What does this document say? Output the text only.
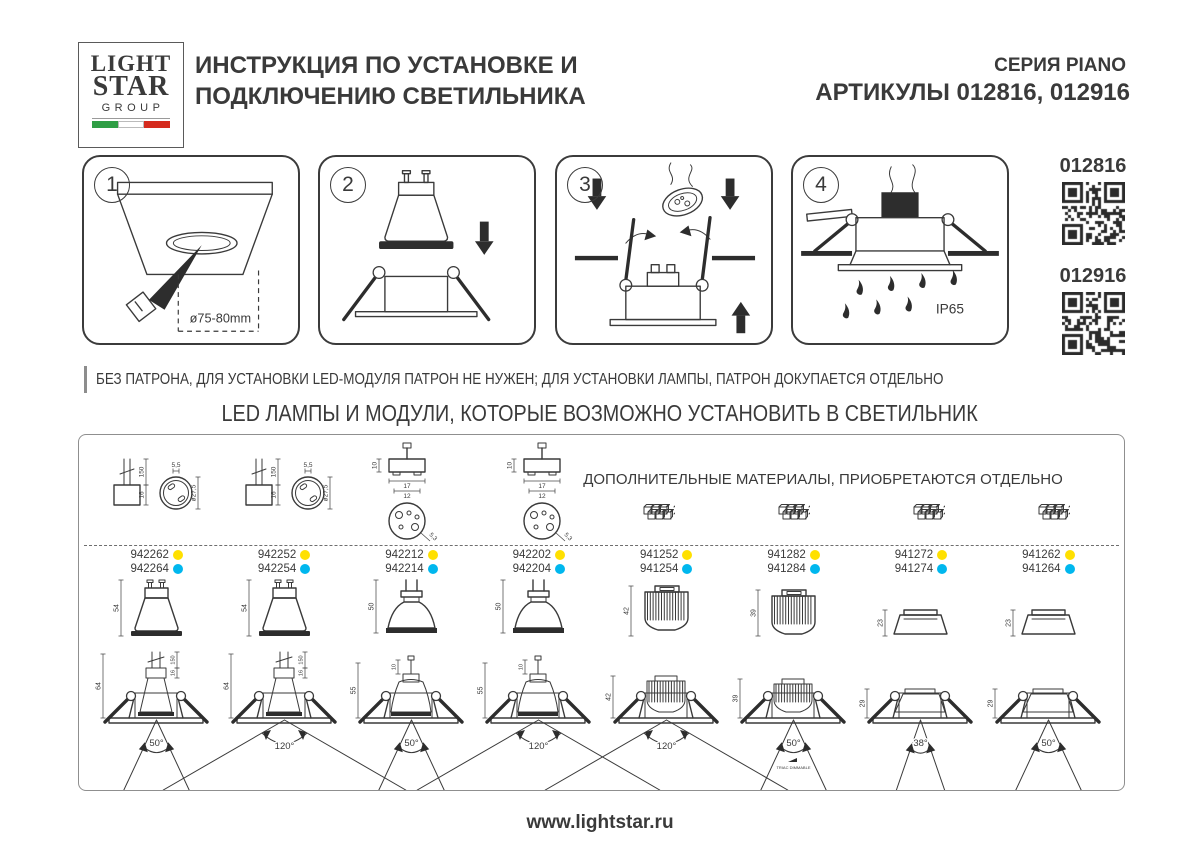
LIGHT
STAR
GROUP
ИНСТРУКЦИЯ ПО УСТАНОВКЕ И
ПОДКЛЮЧЕНИЮ СВЕТИЛЬНИКА
СЕРИЯ PIANO
АРТИКУЛЫ 012816, 012916
ø75-80mm
1	2	3
IP65
4
012816
012916
БЕЗ ПАТРОНА, ДЛЯ УСТАНОВКИ LED-МОДУЛЯ ПАТРОН НЕ НУЖЕН; ДЛЯ УСТАНОВКИ ЛАМПЫ, ПАТРОН ДОКУПАЕТСЯ ОТДЕЛЬНО
LED ЛАМПЫ И МОДУЛИ, КОТОРЫЕ ВОЗМОЖНО УСТАНОВИТЬ В СВЕТИЛЬНИК
150
16
5,5
ø27,5
150
16
5,5
ø27,5
10
17
12
5,3
10
17
12
5,3
ДОПОЛНИТЕЛЬНЫЕ МАТЕРИАЛЫ, ПРИОБРЕТАЮТСЯ ОТДЕЛЬНО
942262
942264
54
150
16
64
50°
942252
942254
54
150
16
64
120°
942212
942214
50
10
55
50°
942202
942204
50
10
55
120°
941252
941254
42
42
120°
941282
941284
39
39
50°
TRIAC DIMMABLE
941272
941274
23
29
38°
941262
941264
23
29
50°
www.lightstar.ru
